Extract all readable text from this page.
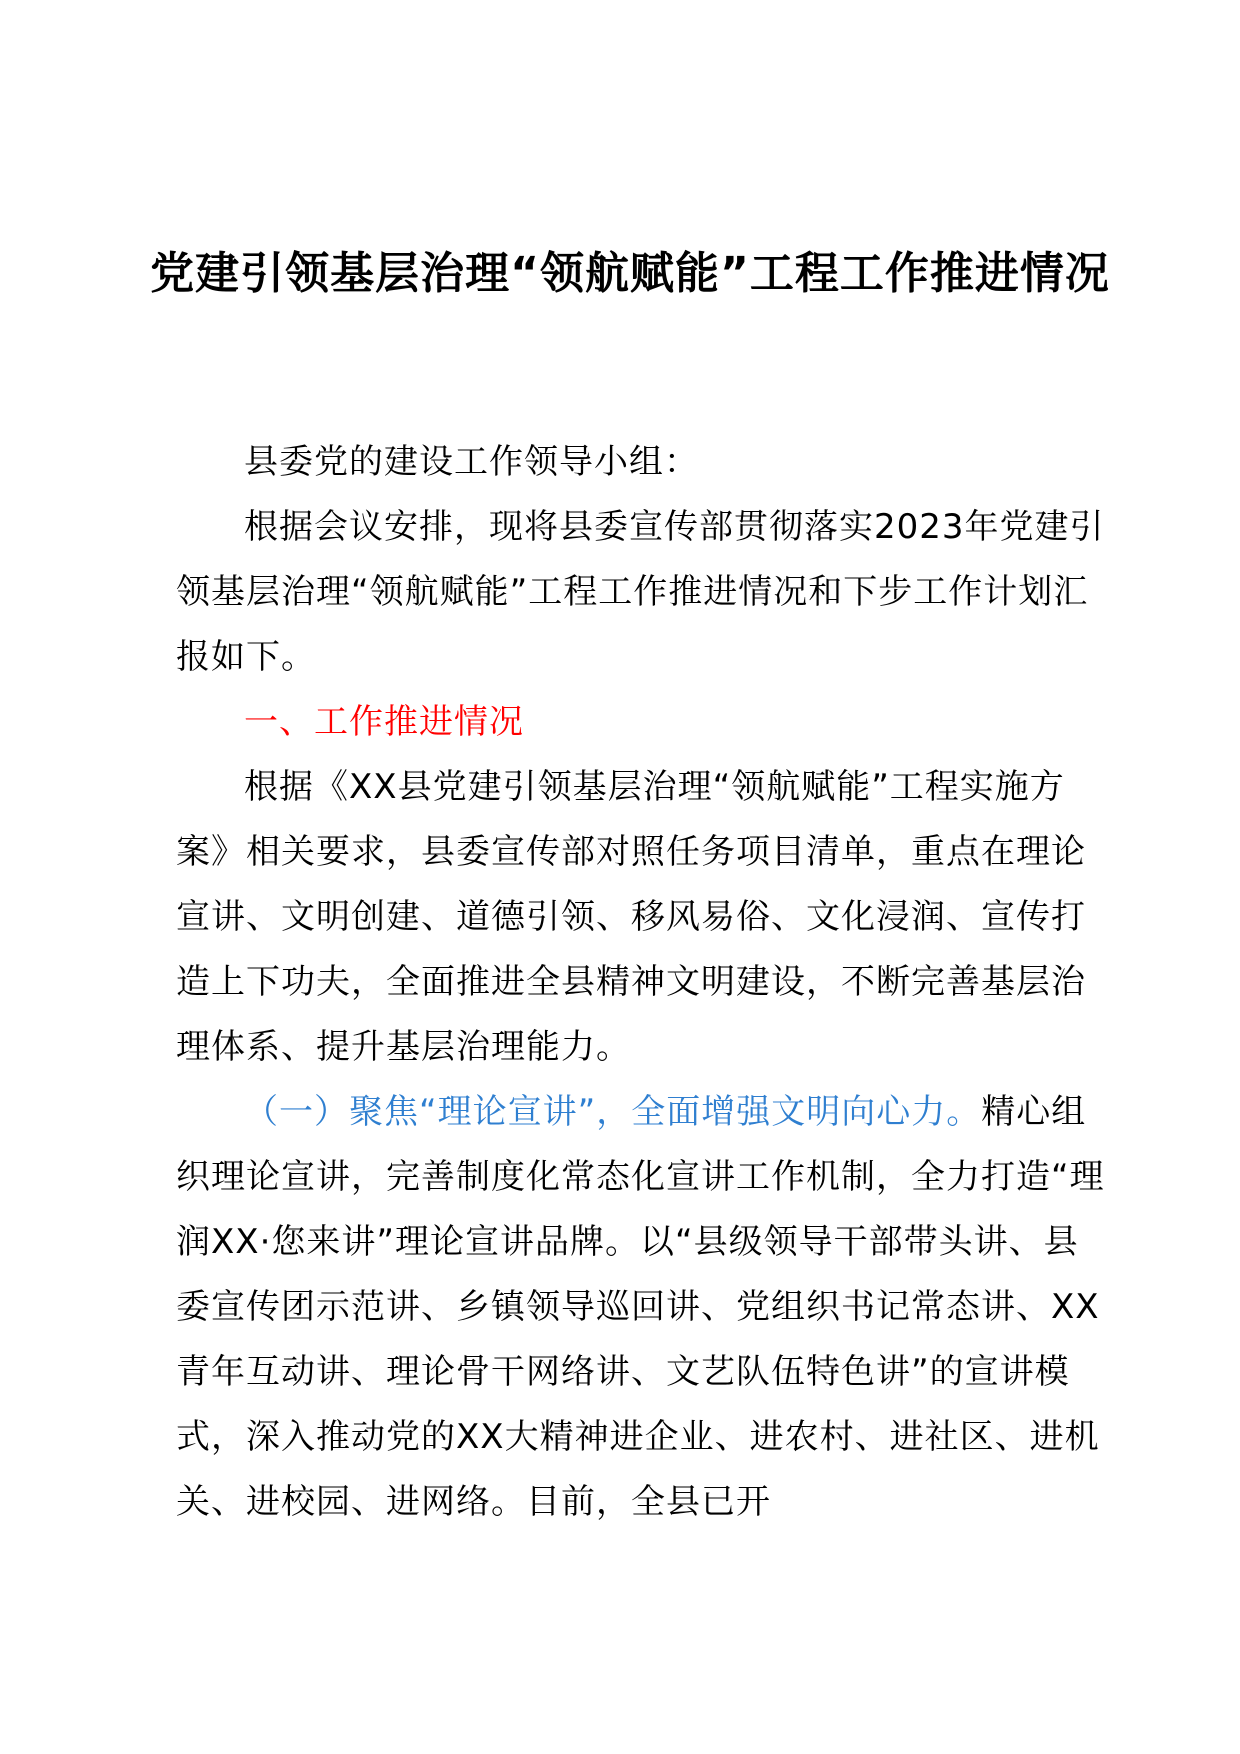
党建引领基层治理“领航赋能”工程工作推进情况

县委党的建设工作领导小组：

根据会议安排，现将县委宣传部贯彻落实2023年党建引领基层治理“领航赋能”工程工作推进情况和下步工作计划汇报如下。

一、工作推进情况

根据《XX县党建引领基层治理“领航赋能”工程实施方案》相关要求，县委宣传部对照任务项目清单，重点在理论宣讲、文明创建、道德引领、移风易俗、文化浸润、宣传打造上下功夫，全面推进全县精神文明建设，不断完善基层治理体系、提升基层治理能力。

（一）聚焦“理论宣讲”，全面增强文明向心力。精心组织理论宣讲，完善制度化常态化宣讲工作机制，全力打造“理润XX·您来讲”理论宣讲品牌。以“县级领导干部带头讲、县委宣传团示范讲、乡镇领导巡回讲、党组织书记常态讲、XX青年互动讲、理论骨干网络讲、文艺队伍特色讲”的宣讲模式，深入推动党的XX大精神进企业、进农村、进社区、进机关、进校园、进网络。目前，全县已开
